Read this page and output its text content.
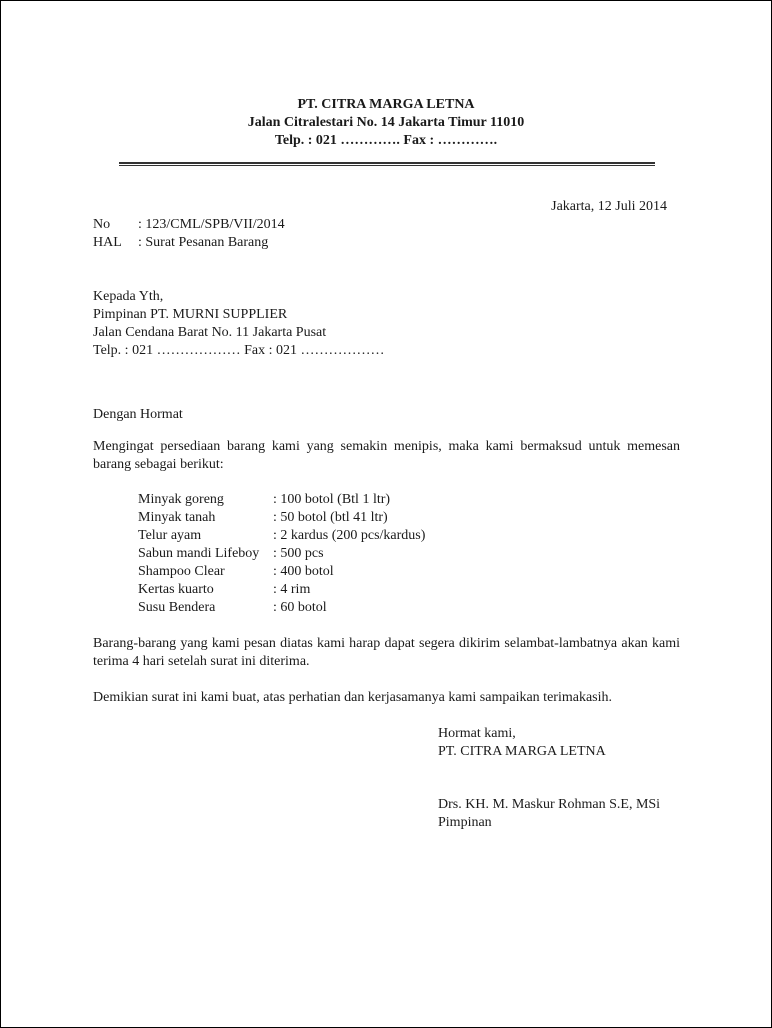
PT. CITRA MARGA LETNA
Jalan Citralestari No. 14 Jakarta Timur 11010
Telp. : 021 …………. Fax : ………….
Jakarta, 12 Juli 2014
No	: 123/CML/SPB/VII/2014
HAL	: Surat Pesanan Barang
Kepada Yth,
Pimpinan PT. MURNI SUPPLIER
Jalan Cendana Barat No. 11 Jakarta Pusat
Telp. : 021 ……………… Fax : 021 ………………
Dengan Hormat
Mengingat persediaan barang kami yang semakin menipis, maka kami bermaksud untuk memesan barang sebagai berikut:
Minyak goreng	: 100 botol (Btl 1 ltr)
Minyak tanah	: 50 botol (btl 41 ltr)
Telur ayam	: 2 kardus (200 pcs/kardus)
Sabun mandi Lifeboy : 500 pcs
Shampoo Clear	: 400 botol
Kertas kuarto	: 4 rim
Susu Bendera	: 60 botol
Barang-barang yang kami pesan diatas kami harap dapat segera dikirim selambat-lambatnya akan kami terima 4 hari setelah surat ini diterima.
Demikian surat ini kami buat, atas perhatian dan kerjasamanya kami sampaikan terimakasih.
Hormat kami,
PT. CITRA MARGA LETNA
Drs. KH. M. Maskur Rohman S.E, MSi
Pimpinan
